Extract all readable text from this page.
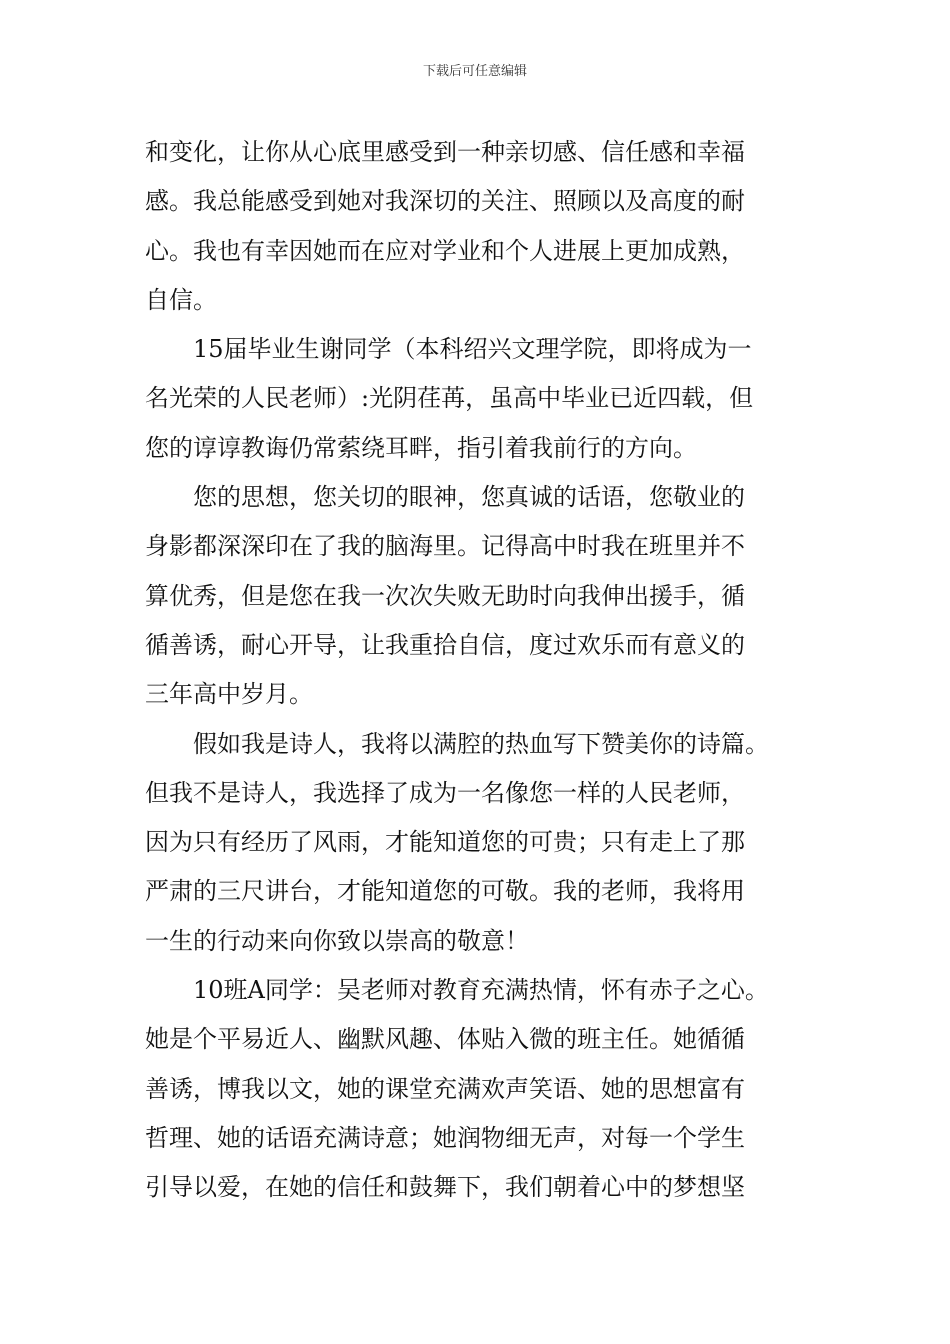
下载后可任意编辑
和变化，让你从心底里感受到一种亲切感、信任感和幸福
感。我总能感受到她对我深切的关注、照顾以及高度的耐
心。我也有幸因她而在应对学业和个人进展上更加成熟，
自信。
15届毕业生谢同学（本科绍兴文理学院，即将成为一
名光荣的人民老师）:光阴荏苒，虽高中毕业已近四载，但
您的谆谆教诲仍常萦绕耳畔，指引着我前行的方向。
您的思想，您关切的眼神，您真诚的话语，您敬业的
身影都深深印在了我的脑海里。记得高中时我在班里并不
算优秀，但是您在我一次次失败无助时向我伸出援手，循
循善诱，耐心开导，让我重拾自信，度过欢乐而有意义的
三年高中岁月。
假如我是诗人，我将以满腔的热血写下赞美你的诗篇。
但我不是诗人，我选择了成为一名像您一样的人民老师，
因为只有经历了风雨，才能知道您的可贵；只有走上了那
严肃的三尺讲台，才能知道您的可敬。我的老师，我将用
一生的行动来向你致以崇高的敬意！
10班A同学：吴老师对教育充满热情，怀有赤子之心。
她是个平易近人、幽默风趣、体贴入微的班主任。她循循
善诱，博我以文，她的课堂充满欢声笑语、她的思想富有
哲理、她的话语充满诗意；她润物细无声，对每一个学生
引导以爱，在她的信任和鼓舞下，我们朝着心中的梦想坚
